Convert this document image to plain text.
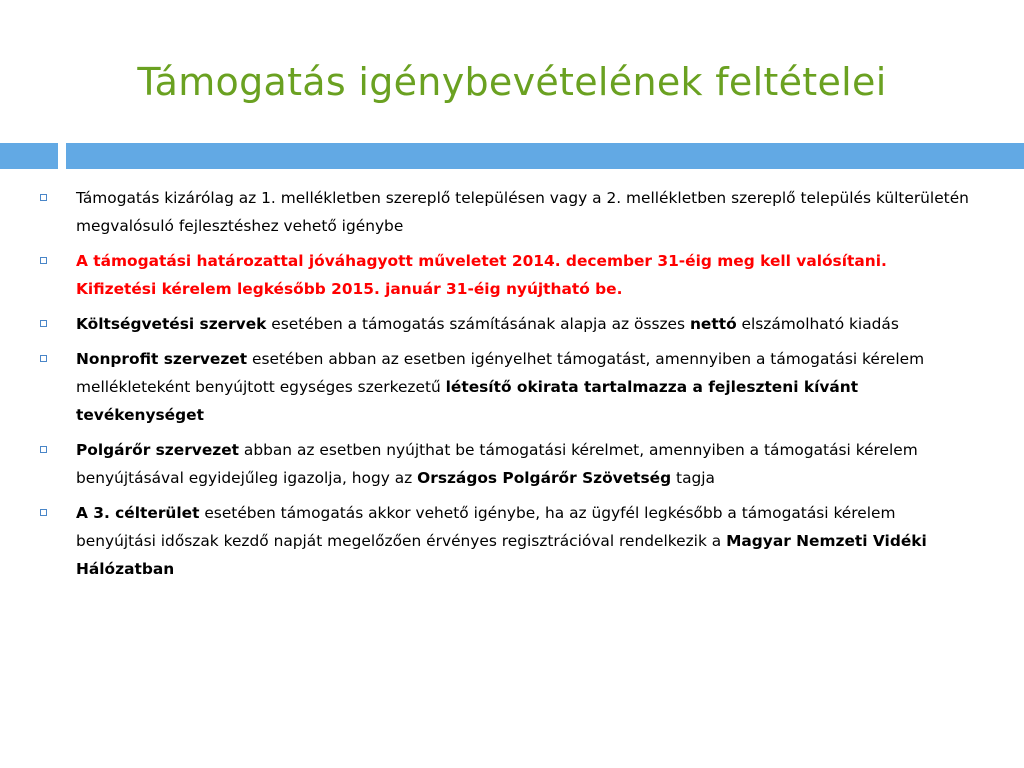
Támogatás igénybevételének feltételei
Támogatás kizárólag az 1. mellékletben szereplő településen vagy a 2. mellékletben szereplő település külterületén megvalósuló fejlesztéshez vehető igénybe
A támogatási határozattal jóváhagyott műveletet 2014. december 31-éig meg kell valósítani.
Kifizetési kérelem legkésőbb 2015. január 31-éig nyújtható be.
Költségvetési szervek esetében a támogatás számításának alapja az összes nettó elszámolható kiadás
Nonprofit szervezet esetében abban az esetben igényelhet támogatást, amennyiben a támogatási kérelem mellékleteként benyújtott egységes szerkezetű létesítő okirata tartalmazza a fejleszteni kívánt tevékenységet
Polgárőr szervezet abban az esetben nyújthat be támogatási kérelmet, amennyiben a támogatási kérelem benyújtásával egyidejűleg igazolja, hogy az Országos Polgárőr Szövetség tagja
A 3. célterület esetében támogatás akkor vehető igénybe, ha az ügyfél legkésőbb a támogatási kérelem benyújtási időszak kezdő napját megelőzően érvényes regisztrációval rendelkezik a Magyar Nemzeti Vidéki Hálózatban
